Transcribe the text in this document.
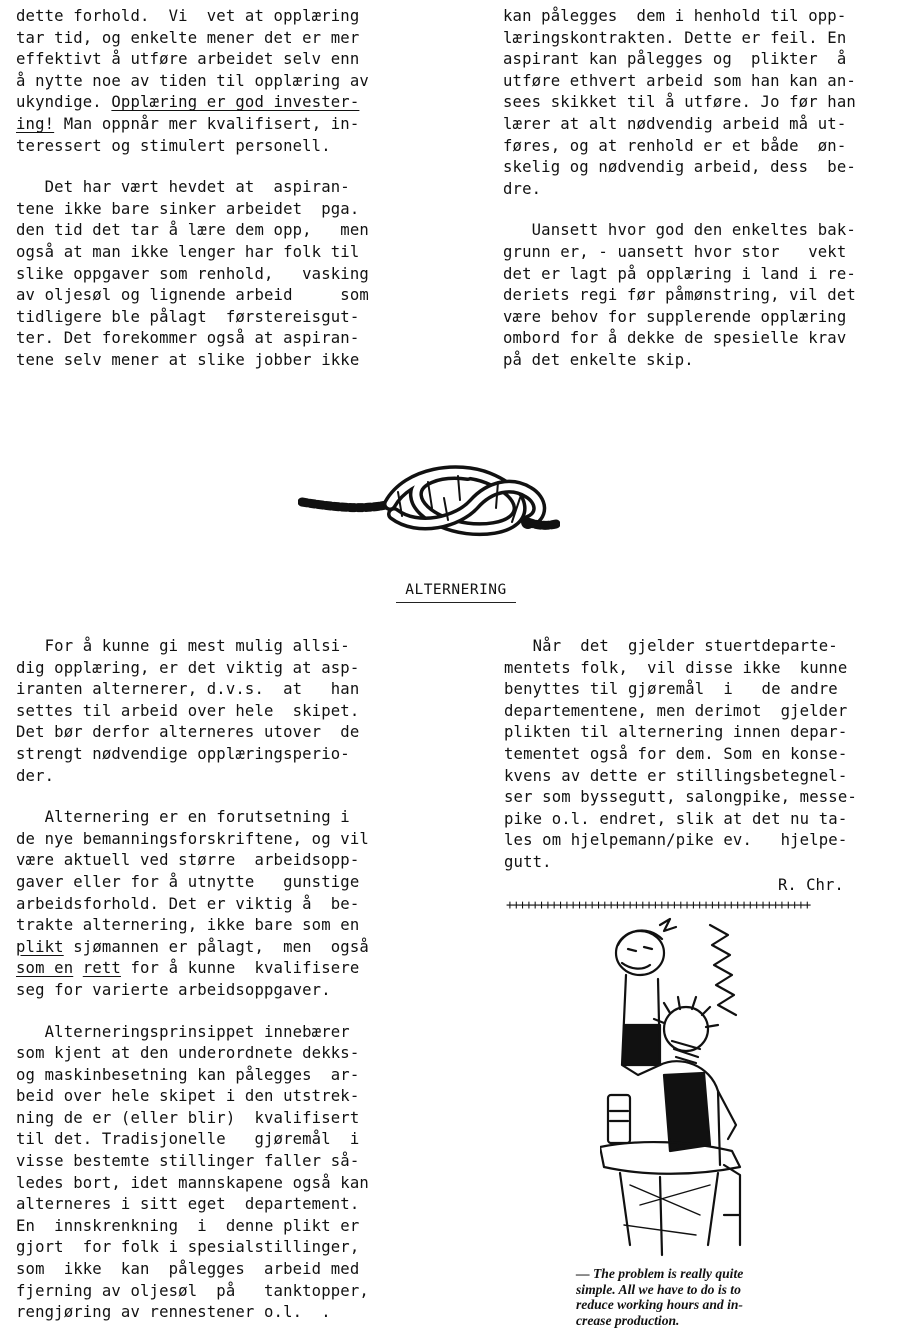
dette forhold.  Vi  vet at opplæring
tar tid, og enkelte mener det er mer
effektivt å utføre arbeidet selv enn
å nytte noe av tiden til opplæring av
ukyndige. Opplæring er god invester-
ing! Man oppnår mer kvalifisert, in-
teressert og stimulert personell.

Det har vært hevdet at  aspiran-
tene ikke bare sinker arbeidet  pga.
den tid det tar å lære dem opp,   men
også at man ikke lenger har folk til
slike oppgaver som renhold,   vasking
av oljesøl og lignende arbeid     som
tidligere ble pålagt  førstereisgut-
ter. Det forekommer også at aspiran-
tene selv mener at slike jobber ikke

kan pålegges  dem i henhold til opp-
læringskontrakten. Dette er feil. En
aspirant kan pålegges og  plikter  å
utføre ethvert arbeid som han kan an-
sees skikket til å utføre. Jo før han
lærer at alt nødvendig arbeid må ut-
føres, og at renhold er et både  øn-
skelig og nødvendig arbeid, dess  be-
dre.

Uansett hvor god den enkeltes bak-
grunn er, - uansett hvor stor   vekt
det er lagt på opplæring i land i re-
deriets regi før påmønstring, vil det
være behov for supplerende opplæring
ombord for å dekke de spesielle krav
på det enkelte skip.

ALTERNERING

For å kunne gi mest mulig allsi-
dig opplæring, er det viktig at asp-
iranten alternerer, d.v.s.  at   han
settes til arbeid over hele  skipet.
Det bør derfor alterneres utover  de
strengt nødvendige opplæringsperio-
der.

Alternering er en forutsetning i
de nye bemanningsforskriftene, og vil
være aktuell ved større  arbeidsopp-
gaver eller for å utnytte   gunstige
arbeidsforhold. Det er viktig å  be-
trakte alternering, ikke bare som en
plikt sjømannen er pålagt,  men  også
som en rett for å kunne  kvalifisere
seg for varierte arbeidsoppgaver.

Alterneringsprinsippet innebærer
som kjent at den underordnete dekks-
og maskinbesetning kan pålegges  ar-
beid over hele skipet i den utstrek-
ning de er (eller blir)  kvalifisert
til det. Tradisjonelle   gjøremål  i
visse bestemte stillinger faller så-
ledes bort, idet mannskapene også kan
alterneres i sitt eget  departement.
En  innskrenkning  i  denne plikt er
gjort  for folk i spesialstillinger,
som  ikke  kan  pålegges  arbeid med
fjerning av oljesøl  på   tanktopper,
rengjøring av rennestener o.l.  .

Når  det  gjelder stuertdeparte-
mentets folk,  vil disse ikke  kunne
benyttes til gjøremål  i   de andre
departementene, men derimot  gjelder
plikten til alternering innen depar-
tementet også for dem. Som en konse-
kvens av dette er stillingsbetegnel-
ser som byssegutt, salongpike, messe-
pike o.l. endret, slik at det nu ta-
les om hjelpemann/pike ev.   hjelpe-
gutt.

R. Chr.
++++++++++++++++++++++++++++++++++++++++++++++++
— The problem is really quite
simple. All we have to do is to
reduce working hours and in-
crease production.
